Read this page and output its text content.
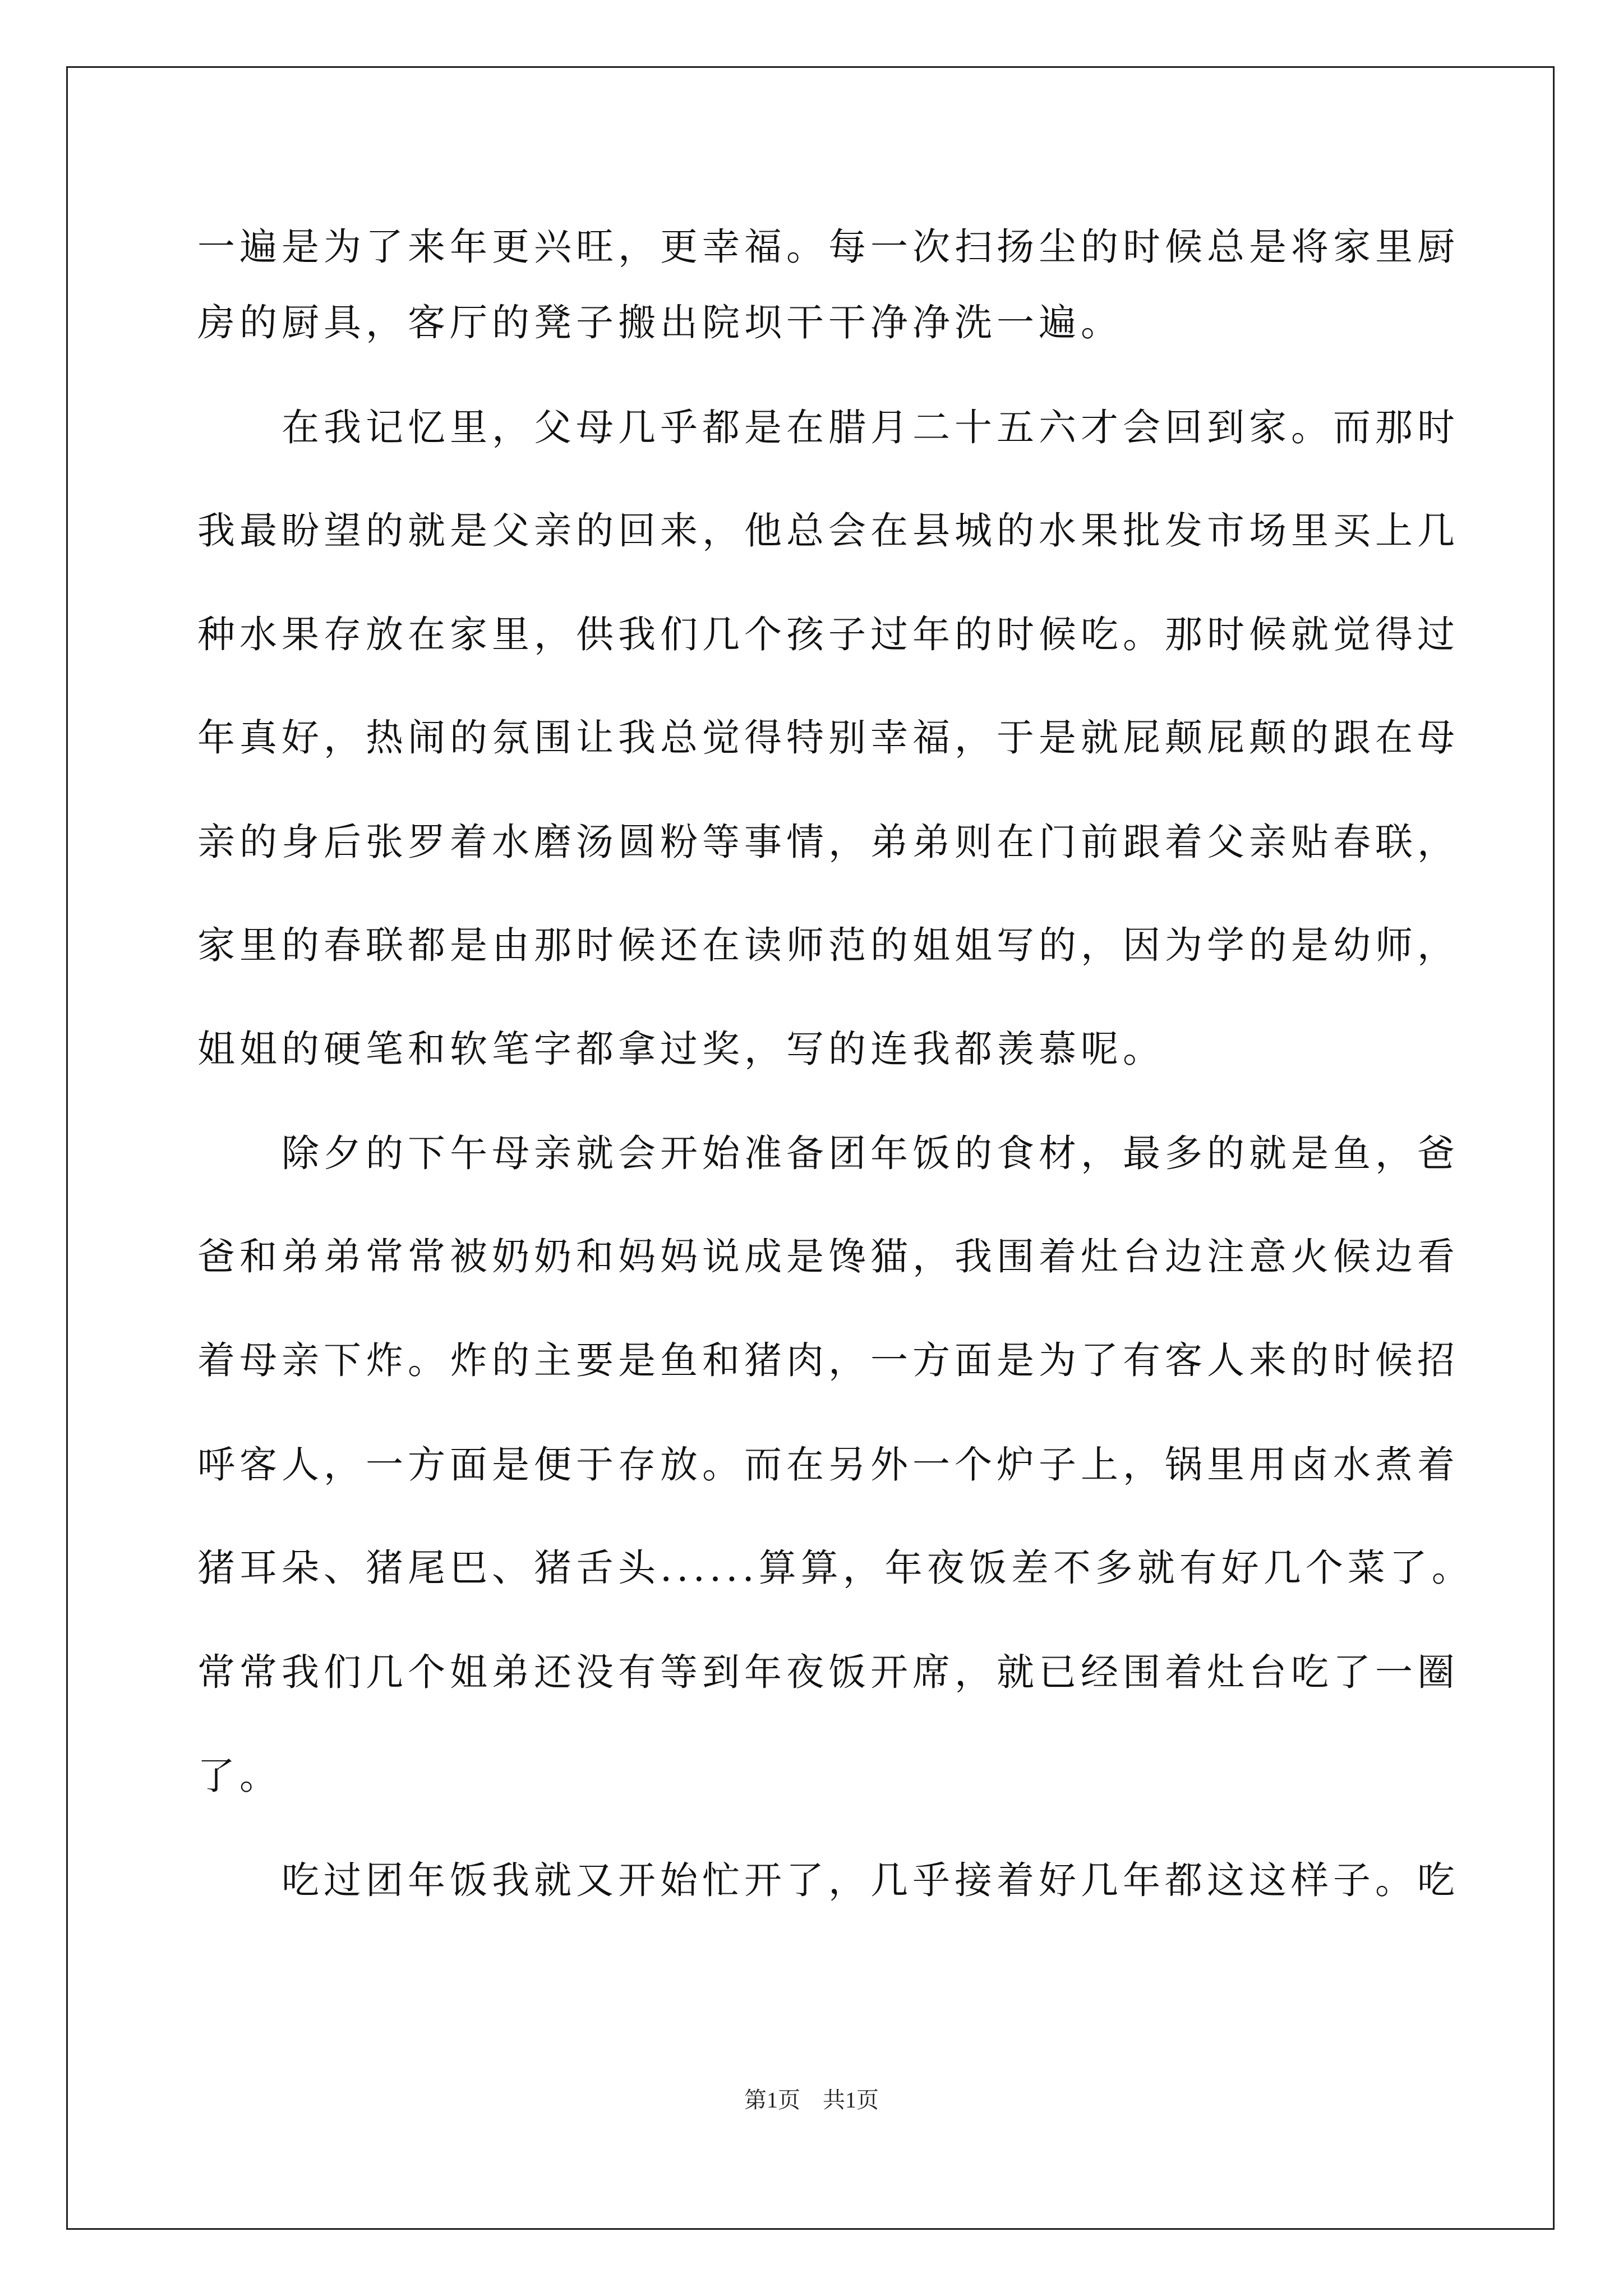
一遍是为了来年更兴旺，更幸福。每一次扫扬尘的时候总是将家里厨
房的厨具，客厅的凳子搬出院坝干干净净洗一遍。
在我记忆里，父母几乎都是在腊月二十五六才会回到家。而那时
我最盼望的就是父亲的回来，他总会在县城的水果批发市场里买上几
种水果存放在家里，供我们几个孩子过年的时候吃。那时候就觉得过
年真好，热闹的氛围让我总觉得特别幸福，于是就屁颠屁颠的跟在母
亲的身后张罗着水磨汤圆粉等事情，弟弟则在门前跟着父亲贴春联，
家里的春联都是由那时候还在读师范的姐姐写的，因为学的是幼师，
姐姐的硬笔和软笔字都拿过奖，写的连我都羡慕呢。
除夕的下午母亲就会开始准备团年饭的食材，最多的就是鱼，爸
爸和弟弟常常被奶奶和妈妈说成是馋猫，我围着灶台边注意火候边看
着母亲下炸。炸的主要是鱼和猪肉，一方面是为了有客人来的时候招
呼客人，一方面是便于存放。而在另外一个炉子上，锅里用卤水煮着
猪耳朵、猪尾巴、猪舌头......算算，年夜饭差不多就有好几个菜了。
常常我们几个姐弟还没有等到年夜饭开席，就已经围着灶台吃了一圈
了。
吃过团年饭我就又开始忙开了，几乎接着好几年都这这样子。吃
第1页　共1页
